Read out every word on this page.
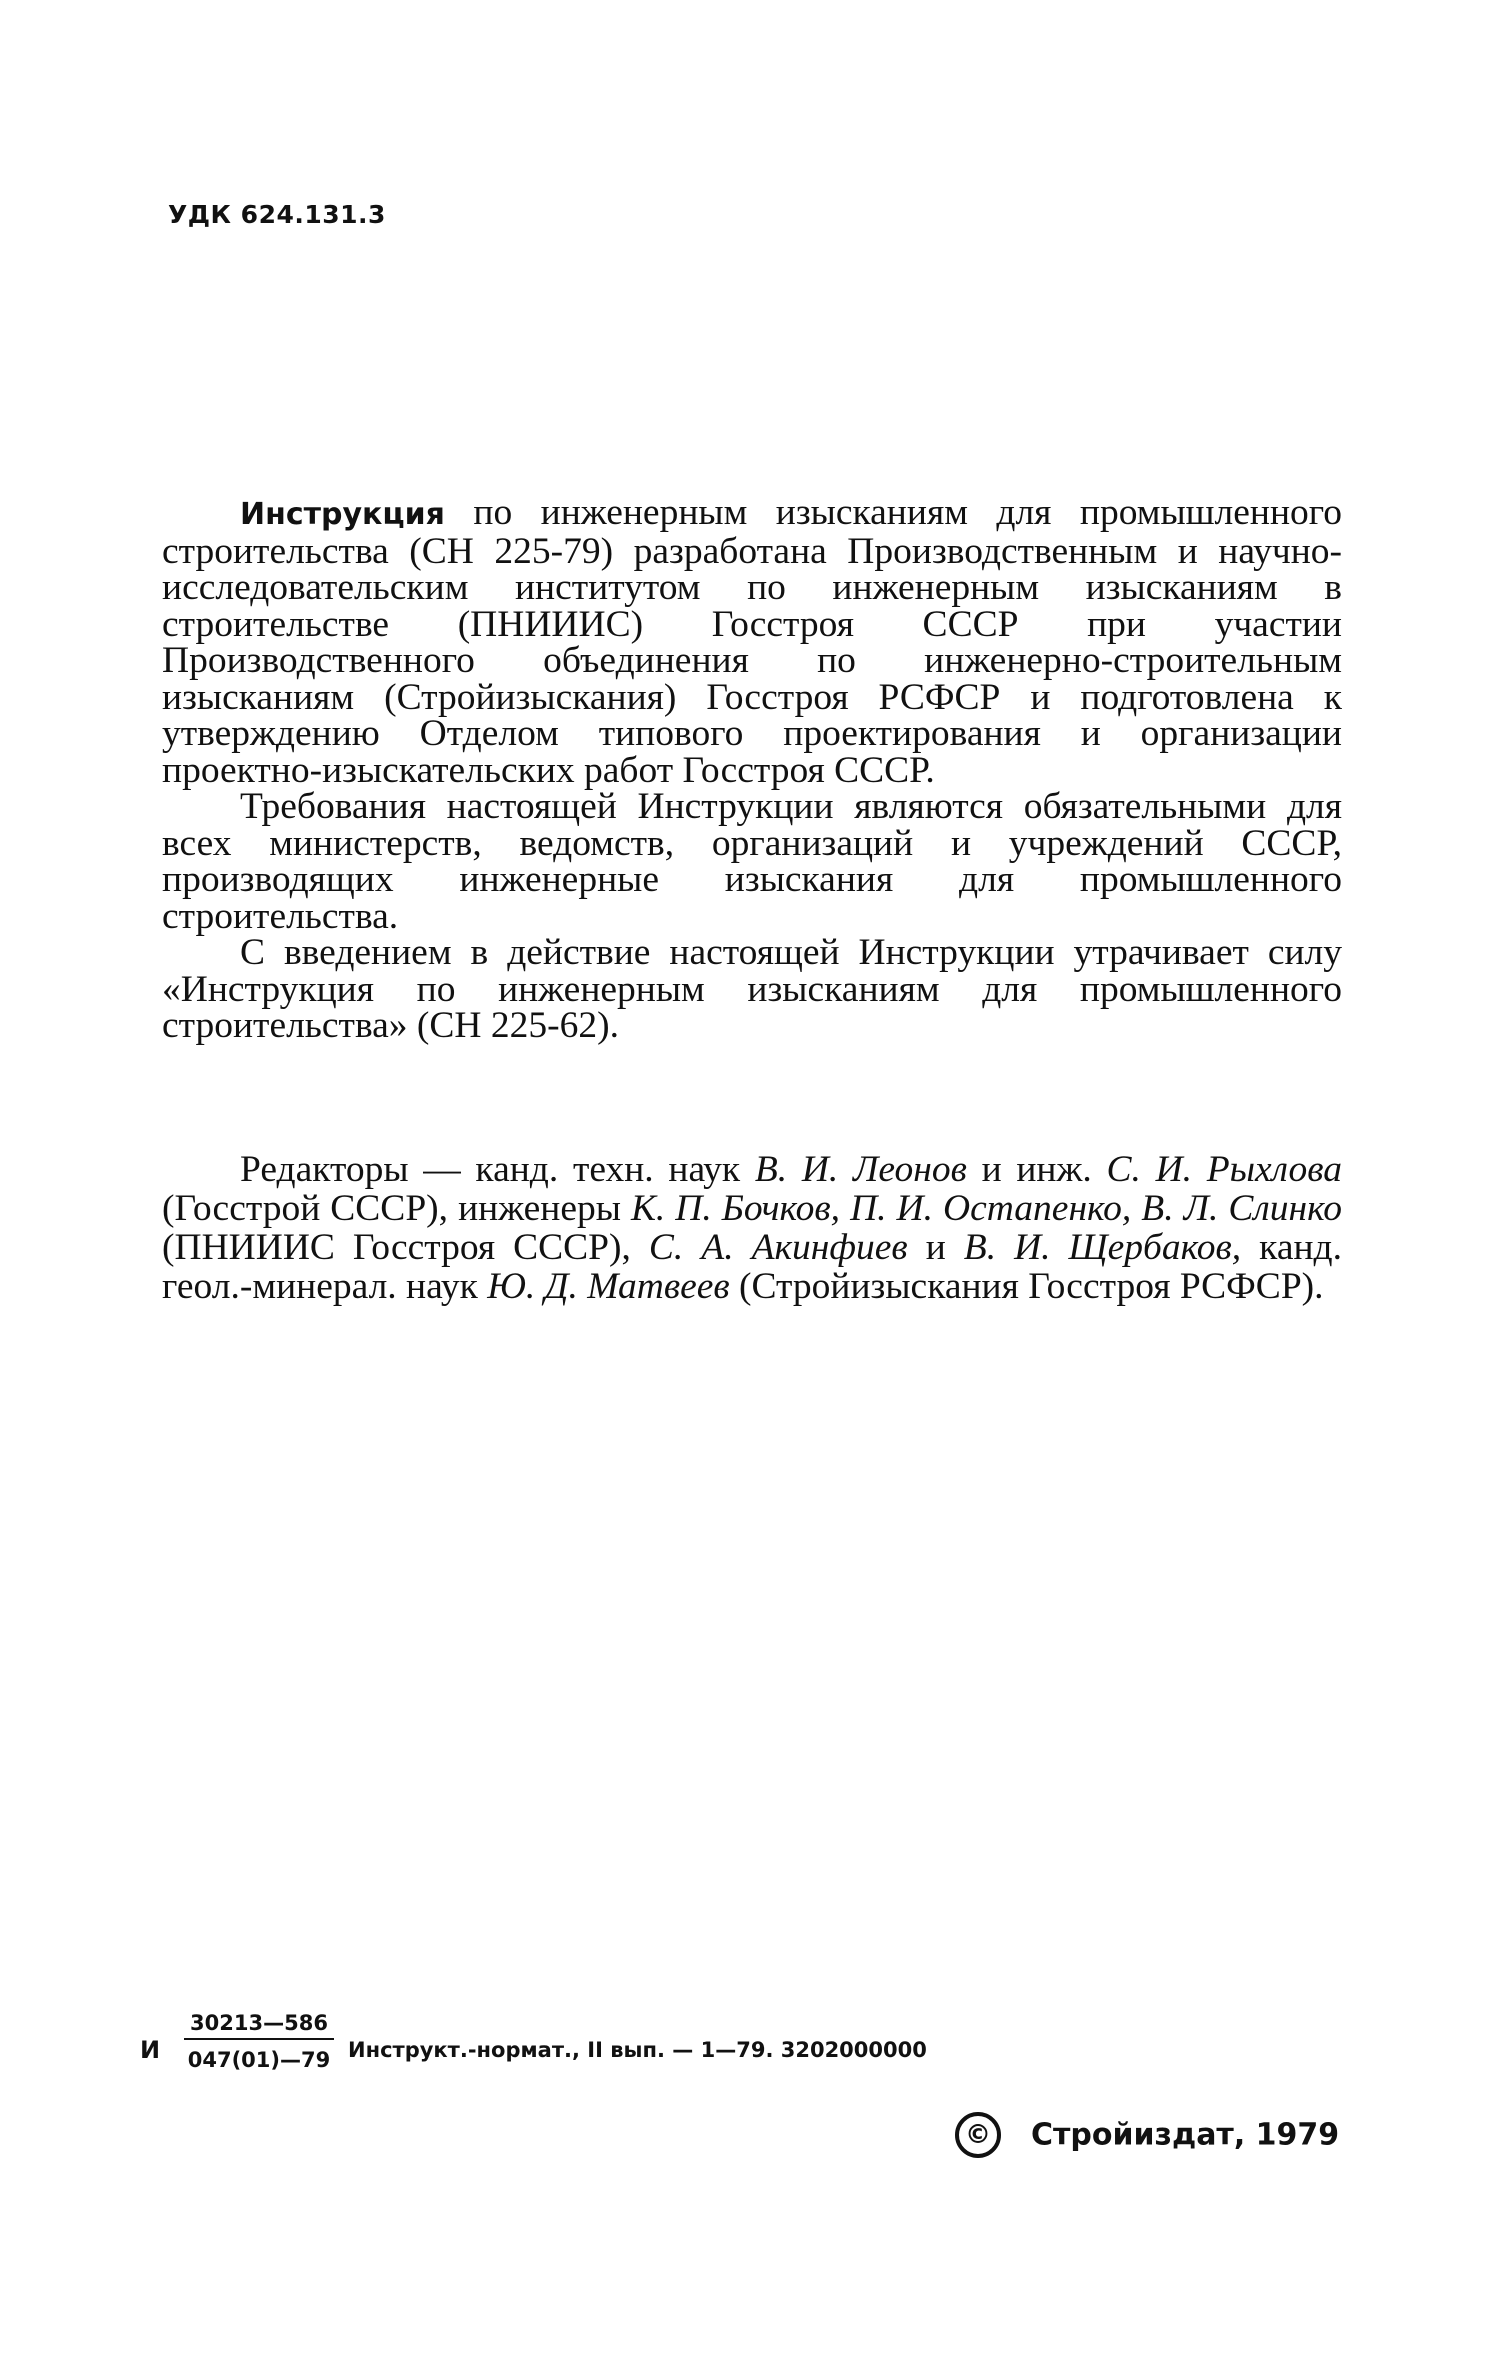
УДК 624.131.3

Инструкция по инженерным изысканиям для промышленного строительства (СН 225-79) разработана Производственным и научно-исследовательским институтом по инженерным изысканиям в строительстве (ПНИИИС) Госстроя СССР при участии Производственного объединения по инженерно-строительным изысканиям (Стройизыскания) Госстроя РСФСР и подготовлена к утверждению Отделом типового проектирования и организации проектно-изыскательских работ Госстроя СССР.

Требования настоящей Инструкции являются обязательными для всех министерств, ведомств, организаций и учреждений СССР, производящих инженерные изыскания для промышленного строительства.

С введением в действие настоящей Инструкции утрачивает силу «Инструкция по инженерным изысканиям для промышленного строительства» (СН 225-62).

Редакторы — канд. техн. наук В. И. Леонов и инж. С. И. Рыхлова (Госстрой СССР), инженеры К. П. Бочков, П. И. Остапенко, В. Л. Слинко (ПНИИИС Госстроя СССР), С. А. Акинфиев и В. И. Щербаков, канд. геол.-минерал. наук Ю. Д. Матвеев (Стройизыскания Госстроя РСФСР).

И $\frac{30213—586}{047(01)—79}$ Инструкт.-нормат., II вып. — 1—79. 3202000000
© Стройиздат, 1979
